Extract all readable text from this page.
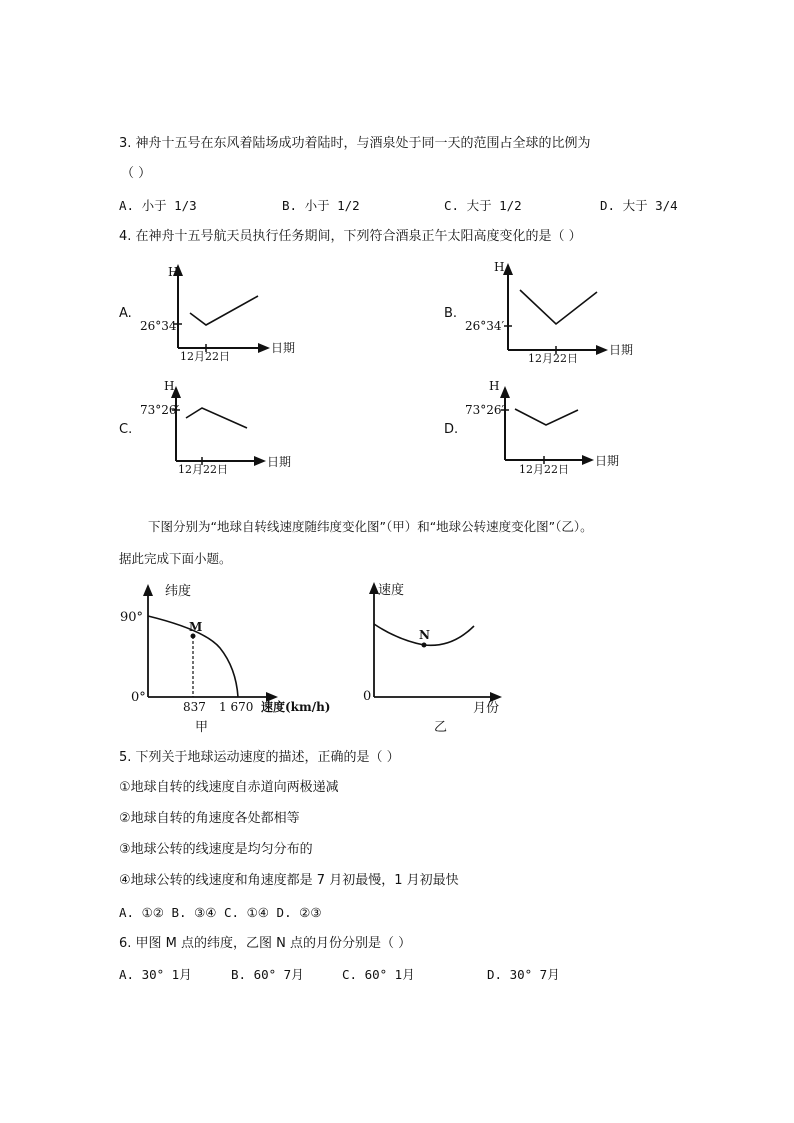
3. 神舟十五号在东风着陆场成功着陆时，与酒泉处于同一天的范围占全球的比例为
（ ）
A. 小于 1/3	B. 小于 1/2	C. 大于 1/2	D. 大于 3/4
4. 在神舟十五号航天员执行任务期间，下列符合酒泉正午太阳高度变化的是（ ）
A.
H
26°34′
12月22日
日期
B.
H
26°34′
12月22日
日期
C.
H
73°26′
12月22日
日期
D.
H
73°26′
12月22日
日期
下图分别为“地球自转线速度随纬度变化图”（甲）和“地球公转速度变化图”（乙）。
据此完成下面小题。
纬度
90°
0°
M
837 1 670 速度(km/h)
甲
速度
0
N
月份
乙
5. 下列关于地球运动速度的描述，正确的是（ ）
①地球自转的线速度自赤道向两极递减
②地球自转的角速度各处都相等
③地球公转的线速度是均匀分布的
④地球公转的线速度和角速度都是 7 月初最慢，1 月初最快
A. ①② B. ③④ C. ①④ D. ②③
6. 甲图 M 点的纬度，乙图 N 点的月份分别是（ ）
A. 30° 1月	B. 60° 7月	C. 60° 1月	D. 30° 7月
